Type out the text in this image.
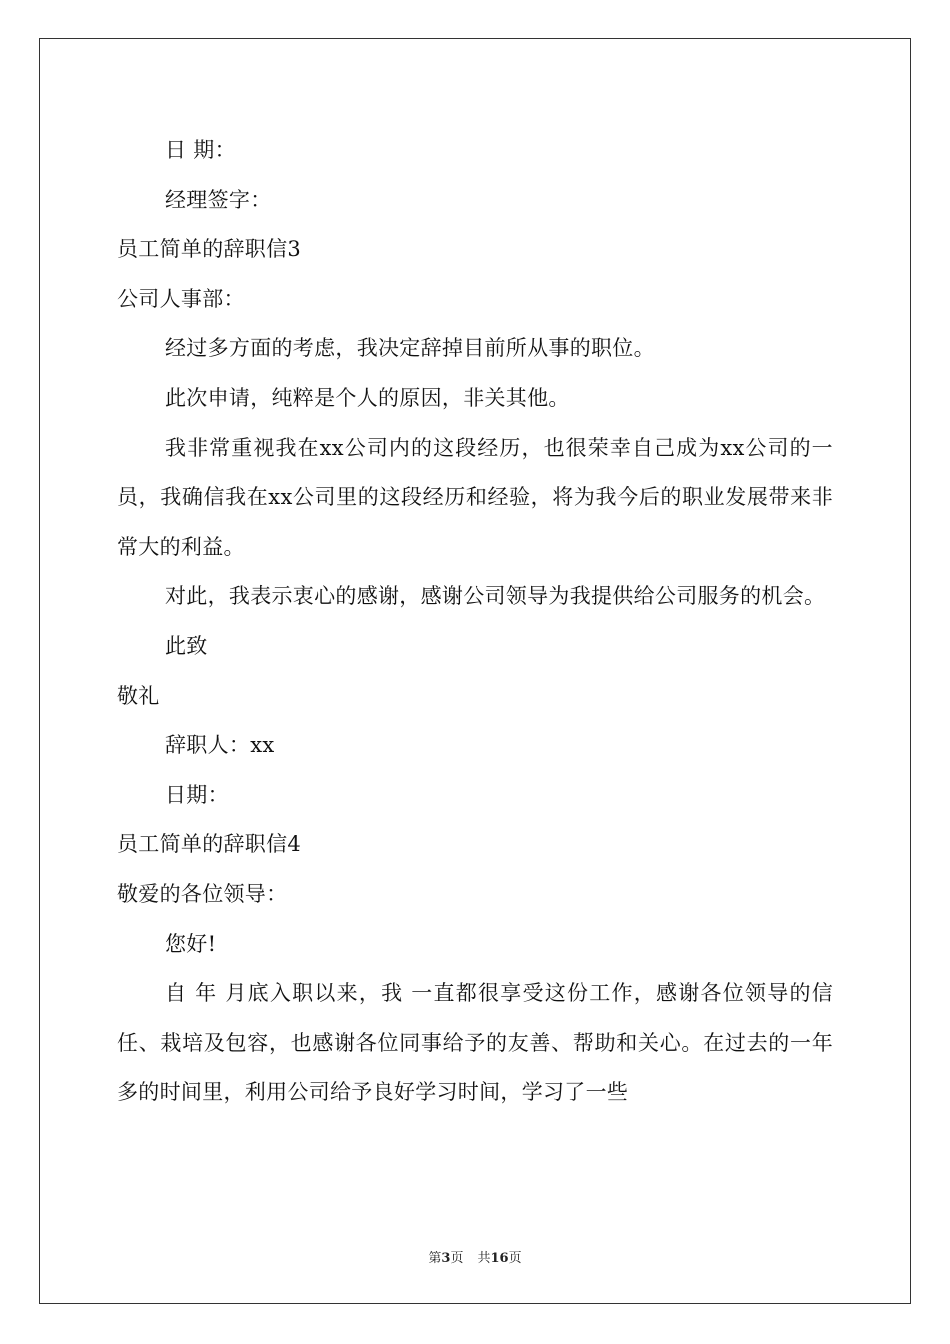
日 期：
经理签字：
员工简单的辞职信3
公司人事部：
经过多方面的考虑，我决定辞掉目前所从事的职位。
此次申请，纯粹是个人的原因，非关其他。
我非常重视我在xx公司内的这段经历，也很荣幸自己成为xx公司的一员，我确信我在xx公司里的这段经历和经验，将为我今后的职业发展带来非常大的利益。
对此，我表示衷心的感谢，感谢公司领导为我提供给公司服务的机会。
此致
敬礼
辞职人：xx
日期：
员工简单的辞职信4
敬爱的各位领导：
您好!
自 年 月底入职以来，我 一直都很享受这份工作，感谢各位领导的信任、栽培及包容，也感谢各位同事给予的友善、帮助和关心。在过去的一年多的时间里，利用公司给予良好学习时间，学习了一些
第3页 共16页
